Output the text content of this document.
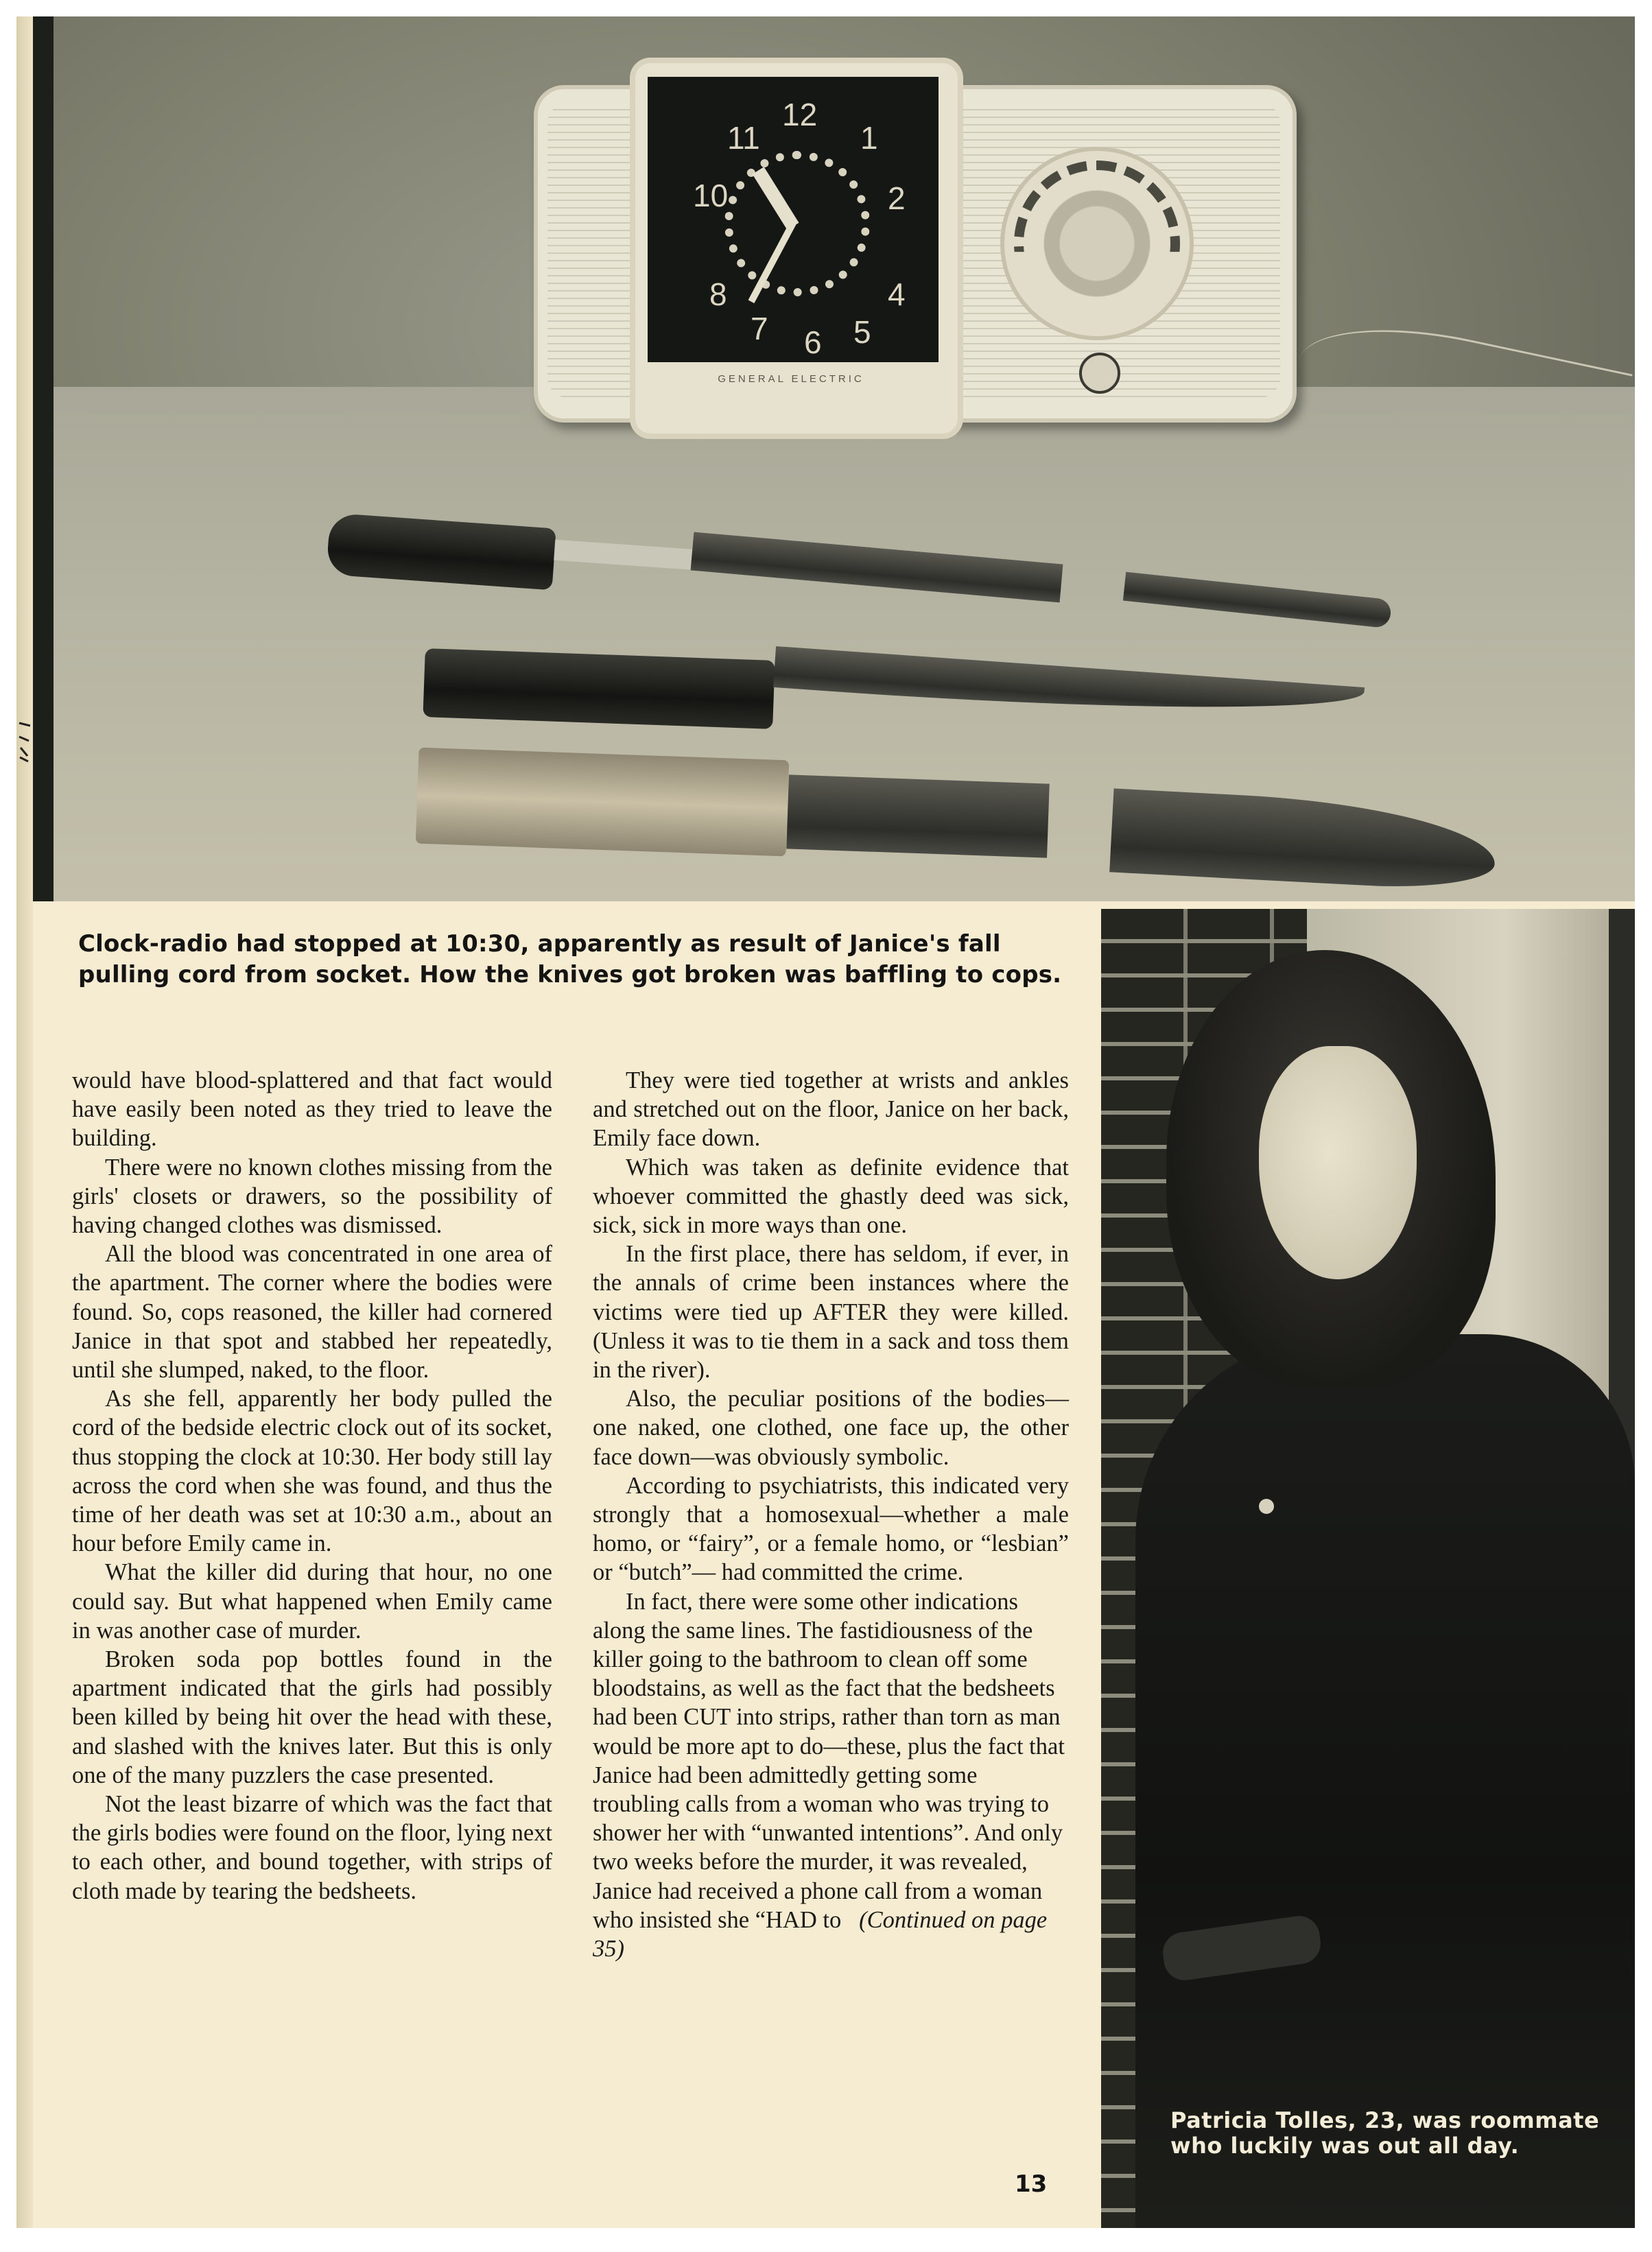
12
1
2
4
5
6
7
8
10
11
GENERAL ELECTRIC
Clock-radio had stopped at 10:30, apparently as result of Janice's fall pulling cord from socket. How the knives got broken was baffling to cops.

would have blood-splattered and that fact would have easily been noted as they tried to leave the building.

There were no known clothes missing from the girls' closets or drawers, so the possibility of having changed clothes was dismissed.

All the blood was concentrated in one area of the apartment. The corner where the bodies were found. So, cops reasoned, the killer had cornered Janice in that spot and stabbed her repeatedly, until she slumped, naked, to the floor.

As she fell, apparently her body pulled the cord of the bedside electric clock out of its socket, thus stopping the clock at 10:30. Her body still lay across the cord when she was found, and thus the time of her death was set at 10:30 a.m., about an hour before Emily came in.

What the killer did during that hour, no one could say. But what happened when Emily came in was another case of murder.

Broken soda pop bottles found in the apartment indicated that the girls had possibly been killed by being hit over the head with these, and slashed with the knives later. But this is only one of the many puzzlers the case presented.

Not the least bizarre of which was the fact that the girls bodies were found on the floor, lying next to each other, and bound together, with strips of cloth made by tearing the bedsheets.

They were tied together at wrists and ankles and stretched out on the floor, Janice on her back, Emily face down.

Which was taken as definite evidence that whoever committed the ghastly deed was sick, sick, sick in more ways than one.

In the first place, there has seldom, if ever, in the annals of crime been instances where the victims were tied up AFTER they were killed. (Unless it was to tie them in a sack and toss them in the river).

Also, the peculiar positions of the bodies—one naked, one clothed, one face up, the other face down—was obviously symbolic.

According to psychiatrists, this indicated very strongly that a homosexual—whether a male homo, or “fairy”, or a female homo, or “lesbian” or “butch”— had committed the crime.

In fact, there were some other indications along the same lines. The fastidiousness of the killer going to the bathroom to clean off some bloodstains, as well as the fact that the bedsheets had been CUT into strips, rather than torn as man would be more apt to do—these, plus the fact that Janice had been admittedly getting some troubling calls from a woman who was trying to shower her with “unwanted intentions”. And only two weeks before the murder, it was revealed, Janice had received a phone call from a woman who insisted she “HAD to (Continued on page 35)

13
Patricia Tolles, 23, was roommate who luckily was out all day.
